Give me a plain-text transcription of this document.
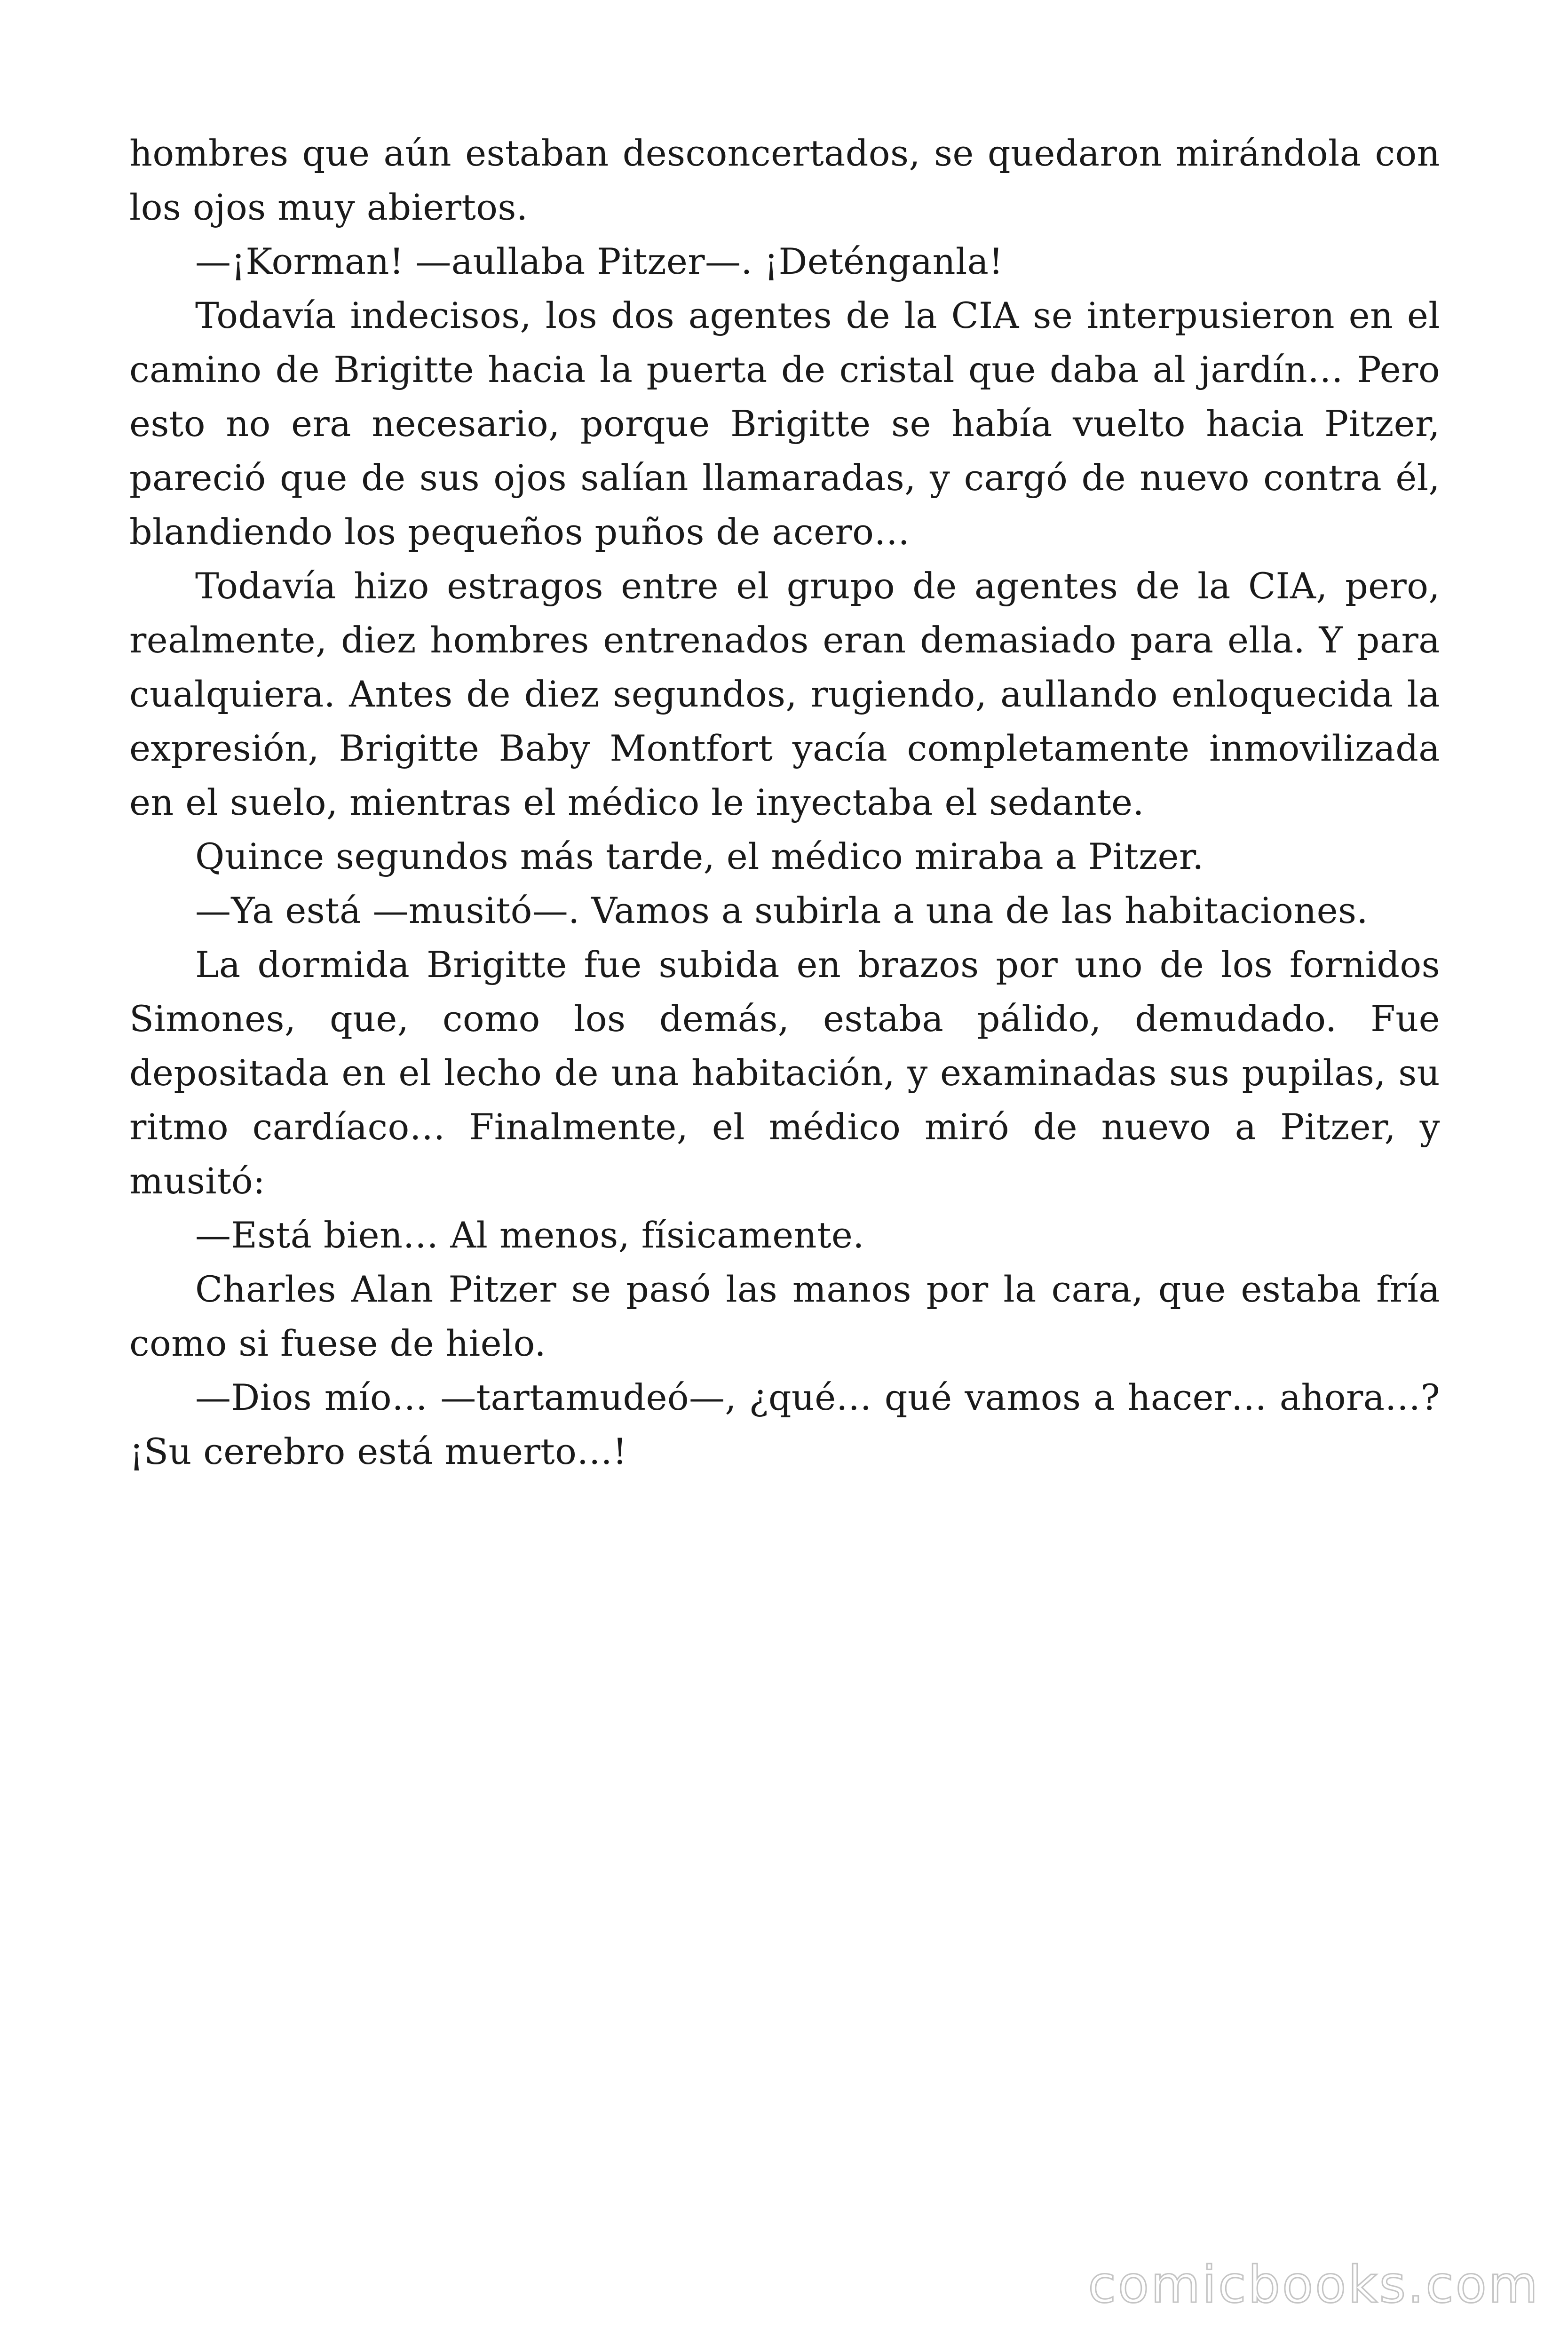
hombres que aún estaban desconcertados, se quedaron mirándola con los ojos muy abiertos.

—¡Korman! —aullaba Pitzer—. ¡Deténganla!

Todavía indecisos, los dos agentes de la CIA se interpusieron en el camino de Brigitte hacia la puerta de cristal que daba al jardín… Pero esto no era necesario, porque Brigitte se había vuelto hacia Pitzer, pareció que de sus ojos salían llamaradas, y cargó de nuevo contra él, blandiendo los pequeños puños de acero…

Todavía hizo estragos entre el grupo de agentes de la CIA, pero, realmente, diez hombres entrenados eran demasiado para ella. Y para cualquiera. Antes de diez segundos, rugiendo, aullando enloquecida la expresión, Brigitte Baby Montfort yacía completamente inmovilizada en el suelo, mientras el médico le inyectaba el sedante.

Quince segundos más tarde, el médico miraba a Pitzer.

—Ya está —musitó—. Vamos a subirla a una de las habitaciones.

La dormida Brigitte fue subida en brazos por uno de los fornidos Simones, que, como los demás, estaba pálido, demudado. Fue depositada en el lecho de una habitación, y examinadas sus pupilas, su ritmo cardíaco… Finalmente, el médico miró de nuevo a Pitzer, y musitó:

—Está bien… Al menos, físicamente.

Charles Alan Pitzer se pasó las manos por la cara, que estaba fría como si fuese de hielo.

—Dios mío… —tartamudeó—, ¿qué… qué vamos a hacer… ahora…? ¡Su cerebro está muerto…!

comicbooks.com
